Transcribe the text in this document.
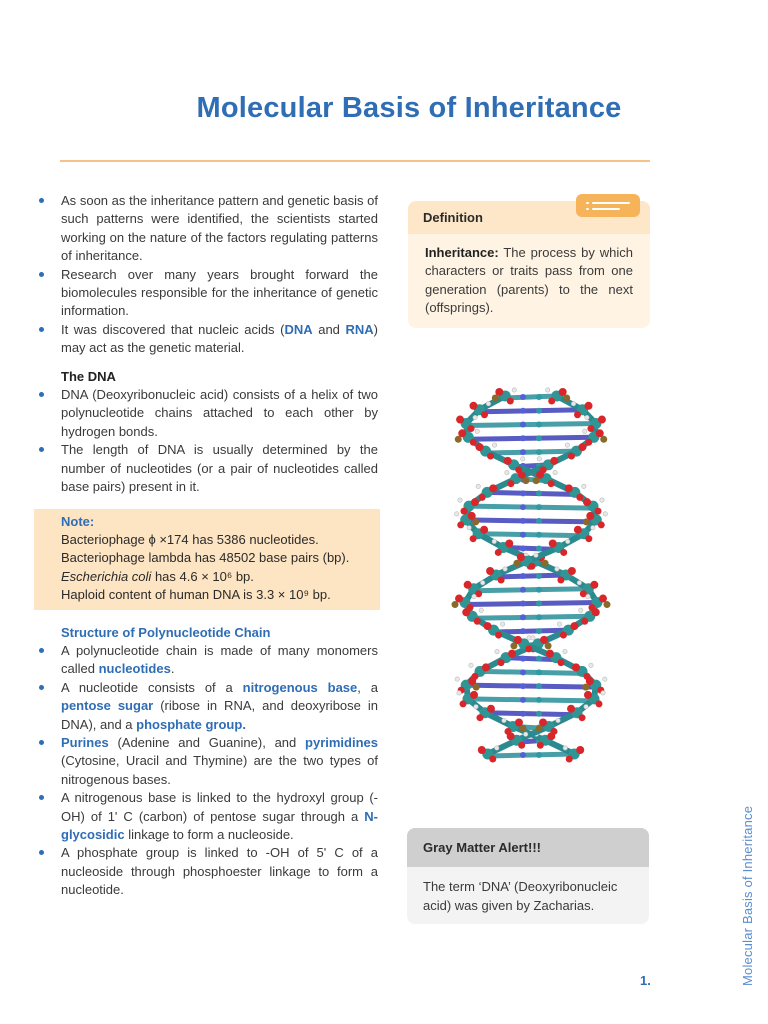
Molecular Basis of Inheritance
As soon as the inheritance pattern and genetic basis of such patterns were identified, the scientists started working on the nature of the factors regulating patterns of inheritance.
Research over many years brought forward the biomolecules responsible for the inheritance of genetic information.
It was discovered that nucleic acids (DNA and RNA) may act as the genetic material.
The DNA
DNA (Deoxyribonucleic acid) consists of a helix of two polynucleotide chains attached to each other by hydrogen bonds.
The length of DNA is usually determined by the number of nucleotides (or a pair of nucleotides called base pairs) present in it.
Note:
Bacteriophage ϕ ×174 has 5386 nucleotides.
Bacteriophage lambda has 48502 base pairs (bp).
Escherichia coli has 4.6 × 10⁶ bp.
Haploid content of human DNA is 3.3 × 10⁹ bp.
Structure of Polynucleotide Chain
A polynucleotide chain is made of many monomers called nucleotides.
A nucleotide consists of a nitrogenous base, a pentose sugar (ribose in RNA, and deoxyribose in DNA), and a phosphate group.
Purines (Adenine and Guanine), and pyrimidines (Cytosine, Uracil and Thymine) are the two types of nitrogenous bases.
A nitrogenous base is linked to the hydroxyl group (-OH) of 1' C (carbon) of pentose sugar through a N-glycosidic linkage to form a nucleoside.
A phosphate group is linked to -OH of 5' C of a nucleoside through phosphoester linkage to form a nucleotide.
Definition
Inheritance: The process by which characters or traits pass from one generation (parents) to the next (offsprings).
Gray Matter Alert!!!
The term ‘DNA’ (Deoxyribonucleic acid) was given by Zacharias.
1.	Molecular Basis of Inheritance
